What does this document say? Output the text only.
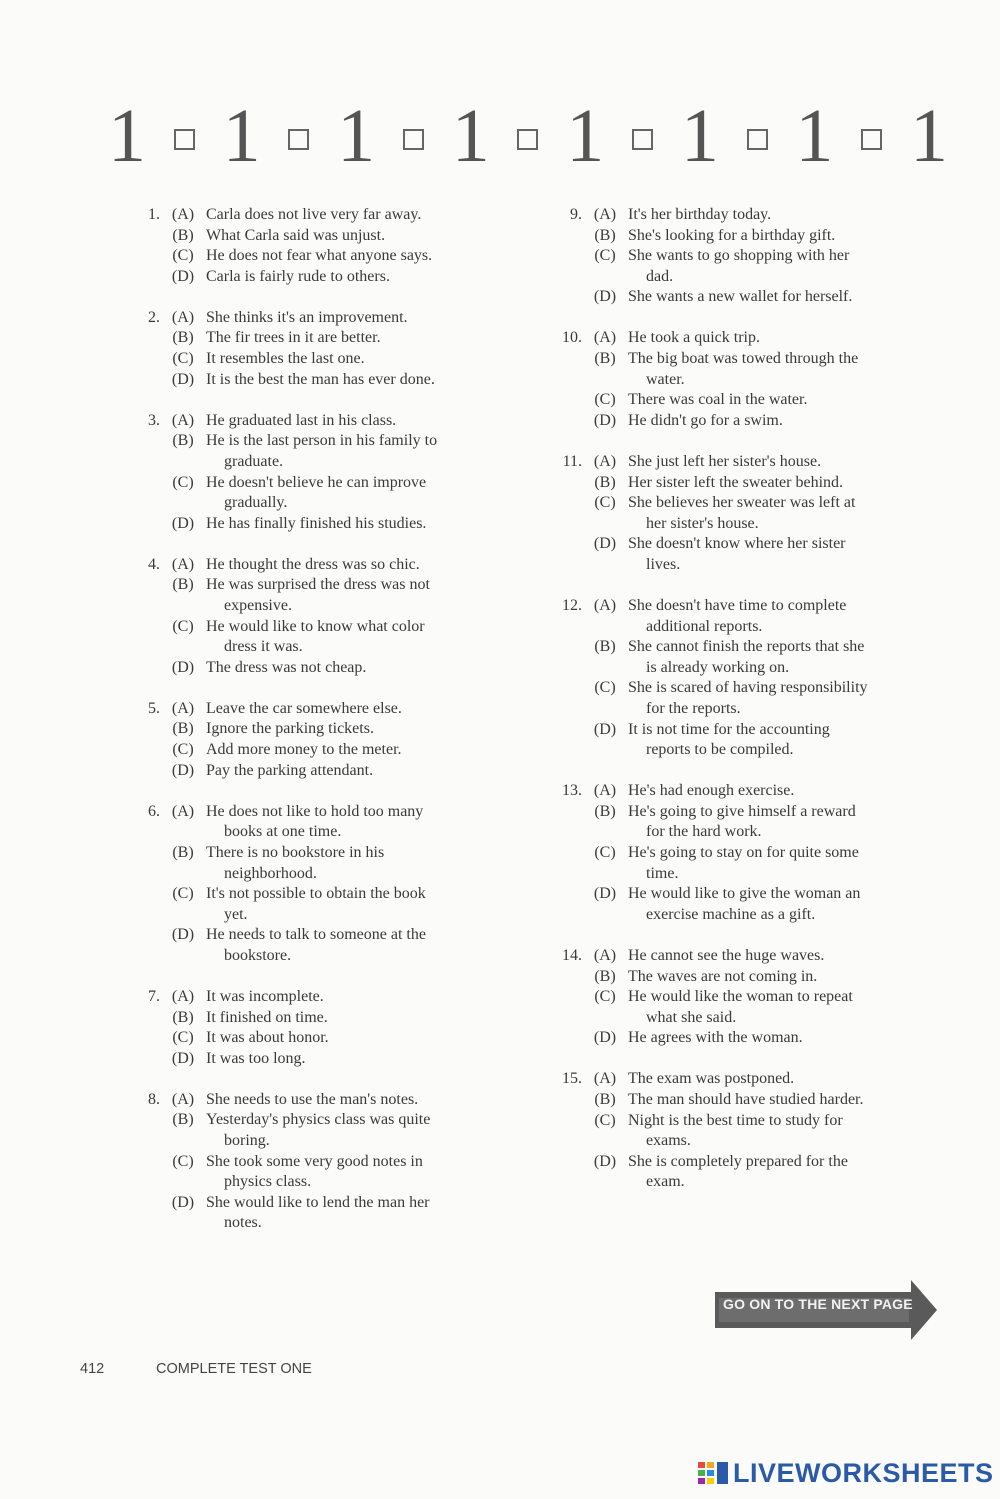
1 1 1 1 1 1 1 1
1. (A) Carla does not live very far away.
(B) What Carla said was unjust.
(C) He does not fear what anyone says.
(D) Carla is fairly rude to others.
2. (A) She thinks it's an improvement.
(B) The fir trees in it are better.
(C) It resembles the last one.
(D) It is the best the man has ever done.
3. (A) He graduated last in his class.
(B) He is the last person in his family to
graduate.
(C) He doesn't believe he can improve
gradually.
(D) He has finally finished his studies.
4. (A) He thought the dress was so chic.
(B) He was surprised the dress was not
expensive.
(C) He would like to know what color
dress it was.
(D) The dress was not cheap.
5. (A) Leave the car somewhere else.
(B) Ignore the parking tickets.
(C) Add more money to the meter.
(D) Pay the parking attendant.
6. (A) He does not like to hold too many
books at one time.
(B) There is no bookstore in his
neighborhood.
(C) It's not possible to obtain the book
yet.
(D) He needs to talk to someone at the
bookstore.
7. (A) It was incomplete.
(B) It finished on time.
(C) It was about honor.
(D) It was too long.
8. (A) She needs to use the man's notes.
(B) Yesterday's physics class was quite
boring.
(C) She took some very good notes in
physics class.
(D) She would like to lend the man her
notes.
9. (A) It's her birthday today.
(B) She's looking for a birthday gift.
(C) She wants to go shopping with her
dad.
(D) She wants a new wallet for herself.
10. (A) He took a quick trip.
(B) The big boat was towed through the
water.
(C) There was coal in the water.
(D) He didn't go for a swim.
11. (A) She just left her sister's house.
(B) Her sister left the sweater behind.
(C) She believes her sweater was left at
her sister's house.
(D) She doesn't know where her sister
lives.
12. (A) She doesn't have time to complete
additional reports.
(B) She cannot finish the reports that she
is already working on.
(C) She is scared of having responsibility
for the reports.
(D) It is not time for the accounting
reports to be compiled.
13. (A) He's had enough exercise.
(B) He's going to give himself a reward
for the hard work.
(C) He's going to stay on for quite some
time.
(D) He would like to give the woman an
exercise machine as a gift.
14. (A) He cannot see the huge waves.
(B) The waves are not coming in.
(C) He would like the woman to repeat
what she said.
(D) He agrees with the woman.
15. (A) The exam was postponed.
(B) The man should have studied harder.
(C) Night is the best time to study for
exams.
(D) She is completely prepared for the
exam.
GO ON TO THE NEXT PAGE
412	COMPLETE TEST ONE
LIVEWORKSHEETS
